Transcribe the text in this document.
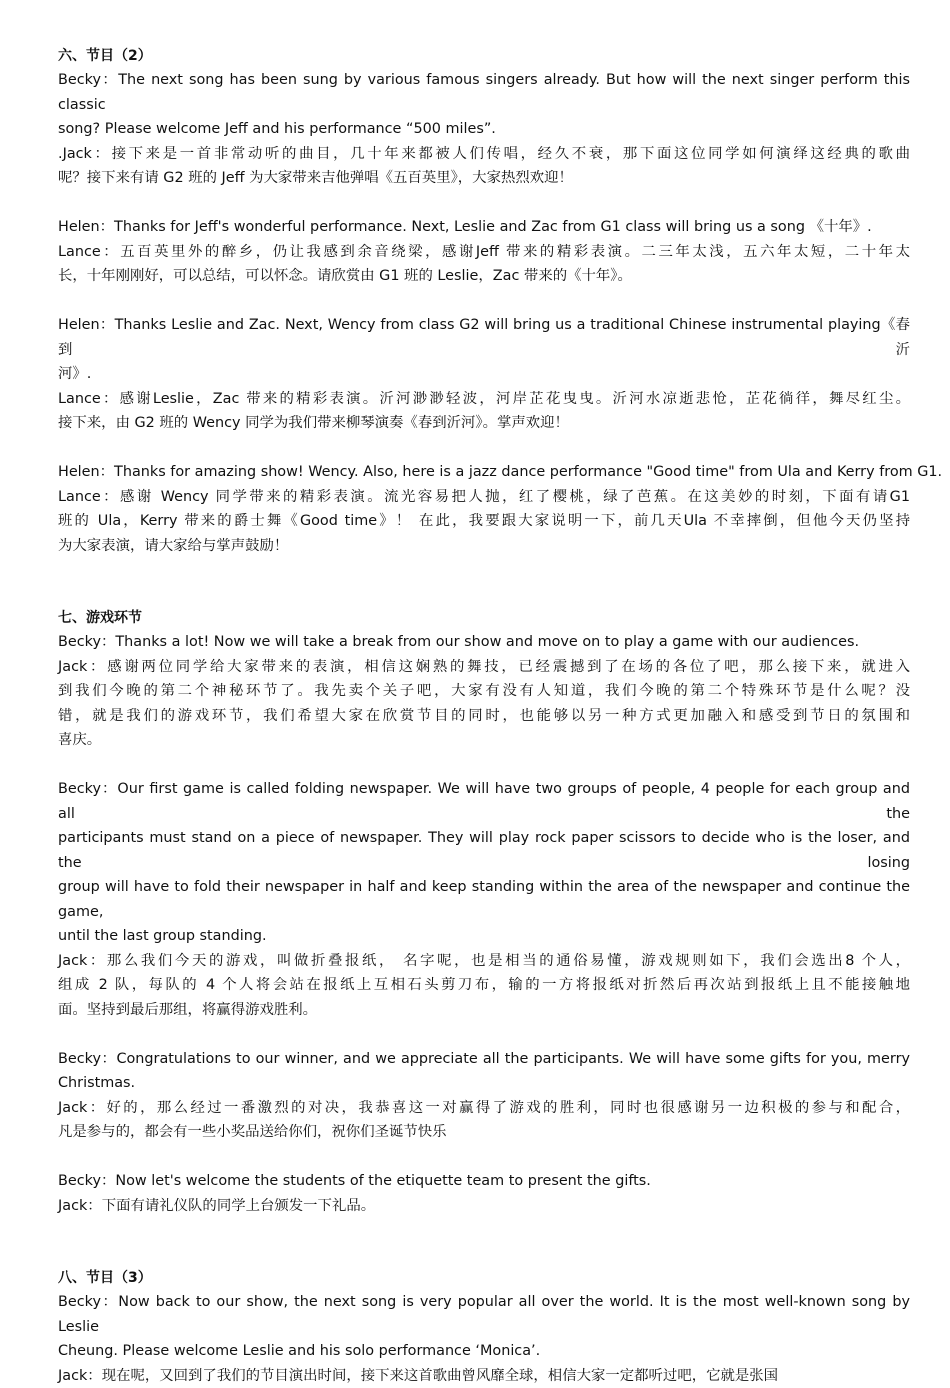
六、节目（2）
Becky：The next song has been sung by various famous singers already. But how will the next singer perform this classic
song? Please welcome Jeff and his performance “500 miles”.
.Jack：接下来是一首非常动听的曲目，几十年来都被人们传唱，经久不衰，那下面这位同学如何演绎这经典的歌曲
呢？接下来有请 G2 班的 Jeff 为大家带来吉他弹唱《五百英里》，大家热烈欢迎！
Helen：Thanks for Jeff's wonderful performance. Next, Leslie and Zac from G1 class will bring us a song 《十年》.
Lance：五百英里外的醉乡，仍让我感到余音绕梁，感谢Jeff 带来的精彩表演。二三年太浅，五六年太短，二十年太
长，十年刚刚好，可以总结，可以怀念。请欣赏由 G1 班的 Leslie，Zac 带来的《十年》。
Helen：Thanks Leslie and Zac. Next, Wency from class G2 will bring us a traditional Chinese instrumental playing《春到沂
河》.
Lance：感谢Leslie，Zac 带来的精彩表演。沂河渺渺轻波，河岸芷花曳曳。沂河水凉逝悲怆，芷花徜徉，舞尽红尘。
接下来，由 G2 班的 Wency 同学为我们带来柳琴演奏《春到沂河》。掌声欢迎！
Helen：Thanks for amazing show! Wency. Also, here is a jazz dance performance "Good time" from Ula and Kerry from G1.
Lance：感谢 Wency 同学带来的精彩表演。流光容易把人抛，红了樱桃，绿了芭蕉。在这美妙的时刻，下面有请G1
班的 Ula，Kerry 带来的爵士舞《Good time》！ 在此，我要跟大家说明一下，前几天Ula 不幸摔倒，但他今天仍坚持
为大家表演，请大家给与掌声鼓励！
七、游戏环节
Becky：Thanks a lot! Now we will take a break from our show and move on to play a game with our audiences.
Jack：感谢两位同学给大家带来的表演，相信这娴熟的舞技，已经震撼到了在场的各位了吧，那么接下来，就进入
到我们今晚的第二个神秘环节了。我先卖个关子吧，大家有没有人知道，我们今晚的第二个特殊环节是什么呢？没
错，就是我们的游戏环节，我们希望大家在欣赏节目的同时，也能够以另一种方式更加融入和感受到节日的氛围和
喜庆。
Becky：Our first game is called folding newspaper. We will have two groups of people, 4 people for each group and all the
participants must stand on a piece of newspaper. They will play rock paper scissors to decide who is the loser, and the losing
group will have to fold their newspaper in half and keep standing within the area of the newspaper and continue the game,
until the last group standing.
Jack：那么我们今天的游戏，叫做折叠报纸， 名字呢，也是相当的通俗易懂，游戏规则如下，我们会选出8 个人，
组成 2 队，每队的 4 个人将会站在报纸上互相石头剪刀布，输的一方将报纸对折然后再次站到报纸上且不能接触地
面。坚持到最后那组，将赢得游戏胜利。
Becky：Congratulations to our winner, and we appreciate all the participants. We will have some gifts for you, merry
Christmas.
Jack：好的，那么经过一番激烈的对决，我恭喜这一对赢得了游戏的胜利，同时也很感谢另一边积极的参与和配合，
凡是参与的，都会有一些小奖品送给你们，祝你们圣诞节快乐
Becky：Now let's welcome the students of the etiquette team to present the gifts.
Jack：下面有请礼仪队的同学上台颁发一下礼品。
八、节目（3）
Becky：Now back to our show, the next song is very popular all over the world. It is the most well-known song by Leslie
Cheung. Please welcome Leslie and his solo performance ‘Monica’.
Jack：现在呢，又回到了我们的节目演出时间，接下来这首歌曲曾风靡全球，相信大家一定都听过吧，它就是张国
